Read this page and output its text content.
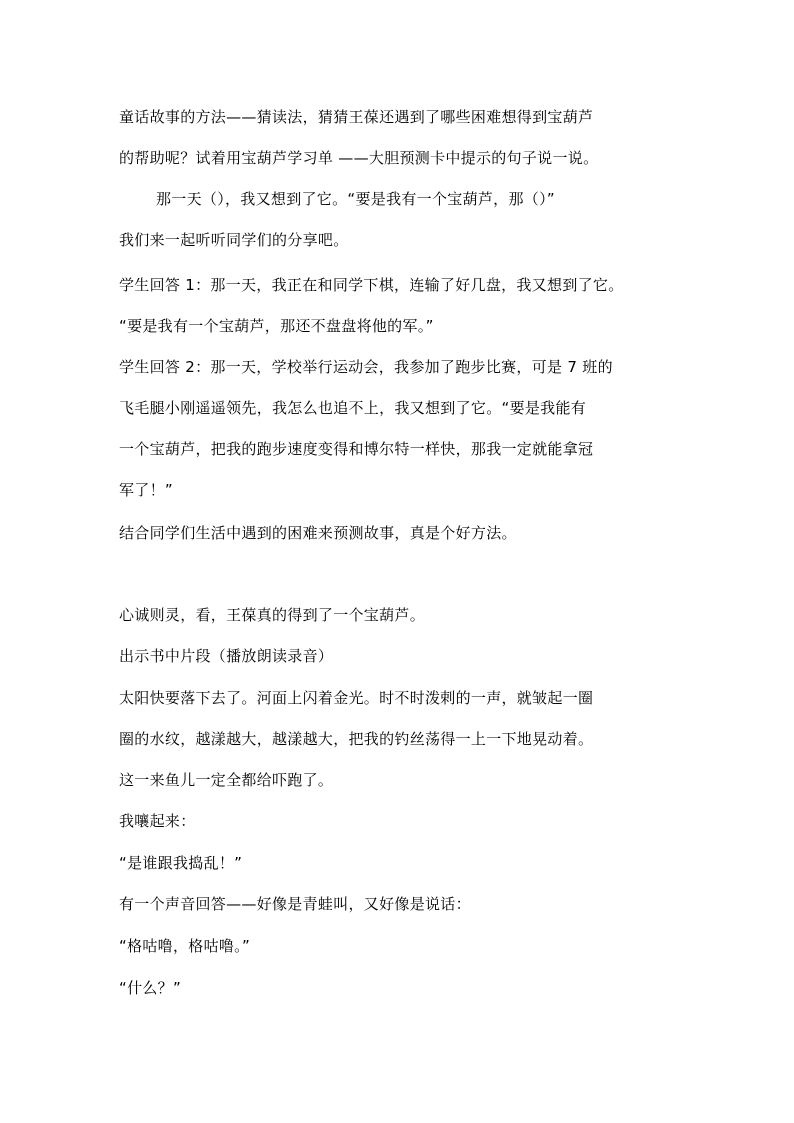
童话故事的方法——猜读法，猜猜王葆还遇到了哪些困难想得到宝葫芦
的帮助呢？试着用宝葫芦学习单 ——大胆预测卡中提示的句子说一说。
那一天（），我又想到了它。“要是我有一个宝葫芦，那（）”
我们来一起听听同学们的分享吧。
学生回答 1：那一天，我正在和同学下棋，连输了好几盘，我又想到了它。
“要是我有一个宝葫芦，那还不盘盘将他的军。”
学生回答 2：那一天，学校举行运动会，我参加了跑步比赛，可是 7 班的
飞毛腿小刚遥遥领先，我怎么也追不上，我又想到了它。“要是我能有
一个宝葫芦，把我的跑步速度变得和博尔特一样快，那我一定就能拿冠
军了！”
结合同学们生活中遇到的困难来预测故事，真是个好方法。
心诚则灵，看，王葆真的得到了一个宝葫芦。
出示书中片段（播放朗读录音）
太阳快要落下去了。河面上闪着金光。时不时泼剌的一声，就皱起一圈
圈的水纹，越漾越大，越漾越大，把我的钓丝荡得一上一下地晃动着。
这一来鱼儿一定全都给吓跑了。
我嚷起来：
“是谁跟我捣乱！”
有一个声音回答——好像是青蛙叫，又好像是说话：
“格咕噜，格咕噜。”
“什么？”
